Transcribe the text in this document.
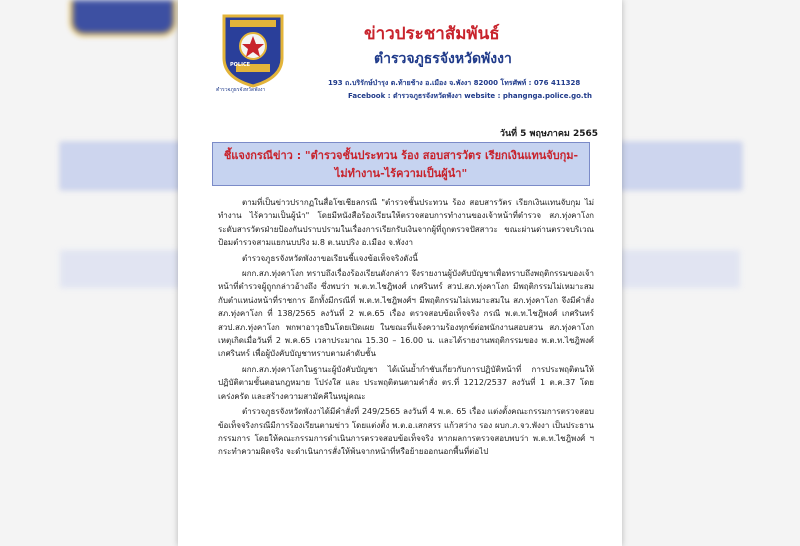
POLICE
ตำรวจภูธรจังหวัดพังงา
ข่าวประชาสัมพันธ์
ตำรวจภูธรจังหวัดพังงา
193 ถ.บริรักษ์บำรุง ต.ท้ายช้าง อ.เมือง จ.พังงา 82000 โทรศัพท์ : 076 411328
Facebook : ตำรวจภูธรจังหวัดพังงา website : phangnga.police.go.th
วันที่ 5 พฤษภาคม 2565
ชี้แจงกรณีข่าว : "ตำรวจชั้นประทวน ร้อง สอบสารวัตร เรียกเงินแทนจับกุม-
ไม่ทำงาน-ไร้ความเป็นผู้นำ"

ตามที่เป็นข่าวปรากฏในสื่อโซเชียลกรณี "ตำรวจชั้นประทวน ร้อง สอบสารวัตร เรียกเงินแทนจับกุม ไม่ทำงาน ไร้ความเป็นผู้นำ" โดยมีหนังสือร้องเรียนให้ตรวจสอบการทำงานของเจ้าหน้าที่ตำรวจ สภ.ทุ่งคาโงก ระดับสารวัตรฝ่ายป้องกันปราบปรามในเรื่องการเรียกรับเงินจากผู้ที่ถูกตรวจปัสสาวะ ขณะผ่านด่านตรวจบริเวณป้อมตำรวจสามแยกนบปริง ม.8 ต.นบปริง อ.เมือง จ.พังงา

ตำรวจภูธรจังหวัดพังงาขอเรียนชี้แจงข้อเท็จจริงดังนี้

ผกก.สภ.ทุ่งคาโงก ทราบถึงเรื่องร้องเรียนดังกล่าว จึงรายงานผู้บังคับบัญชาเพื่อทราบถึงพฤติกรรมของเจ้าหน้าที่ตำรวจผู้ถูกกล่าวอ้างถึง ซึ่งพบว่า พ.ต.ท.ไชฎิพงศ์ เกศรินทร์ สวป.สภ.ทุ่งคาโงก มีพฤติกรรมไม่เหมาะสมกับตำแหน่งหน้าที่ราชการ อีกทั้งมีกรณีที่ พ.ต.ท.ไชฎิพงศ์ฯ มีพฤติกรรมไม่เหมาะสมใน สภ.ทุ่งคาโงก จึงมีคำสั่ง สภ.ทุ่งคาโงก ที่ 138/2565 ลงวันที่ 2 พ.ค.65 เรื่อง ตรวจสอบข้อเท็จจริง กรณี พ.ต.ท.ไชฎิพงศ์ เกศรินทร์ สวป.สภ.ทุ่งคาโงก พกพาอาวุธปืนโดยเปิดเผย ในขณะที่แจ้งความร้องทุกข์ต่อพนักงานสอบสวน สภ.ทุ่งคาโงก เหตุเกิดเมื่อวันที่ 2 พ.ค.65 เวลาประมาณ 15.30 – 16.00 น. และได้รายงานพฤติกรรมของ พ.ต.ท.ไชฎิพงศ์ เกศรินทร์ เพื่อผู้บังคับบัญชาทราบตามลำดับชั้น

ผกก.สภ.ทุ่งคาโงกในฐานะผู้บังคับบัญชา ได้เน้นย้ำกำชับเกี่ยวกับการปฏิบัติหน้าที่ การประพฤติตนให้ปฏิบัติตามขั้นตอนกฎหมาย โปร่งใส และ ประพฤติตนตามคำสั่ง ตร.ที่ 1212/2537 ลงวันที่ 1 ต.ค.37 โดยเคร่งครัด และสร้างความสามัคคีในหมู่คณะ

ตำรวจภูธรจังหวัดพังงาได้มีคำสั่งที่ 249/2565 ลงวันที่ 4 พ.ค. 65 เรื่อง แต่งตั้งคณะกรรมการตรวจสอบข้อเท็จจริงกรณีมีการร้องเรียนตามข่าว โดยแต่งตั้ง พ.ต.อ.เสกสรร แก้วสว่าง รอง ผบก.ภ.จว.พังงา เป็นประธานกรรมการ โดยให้คณะกรรมการดำเนินการตรวจสอบข้อเท็จจริง หากผลการตรวจสอบพบว่า พ.ต.ท.ไชฎิพงศ์ ฯ กระทำความผิดจริง จะดำเนินการสั่งให้พ้นจากหน้าที่หรือย้ายออกนอกพื้นที่ต่อไป
